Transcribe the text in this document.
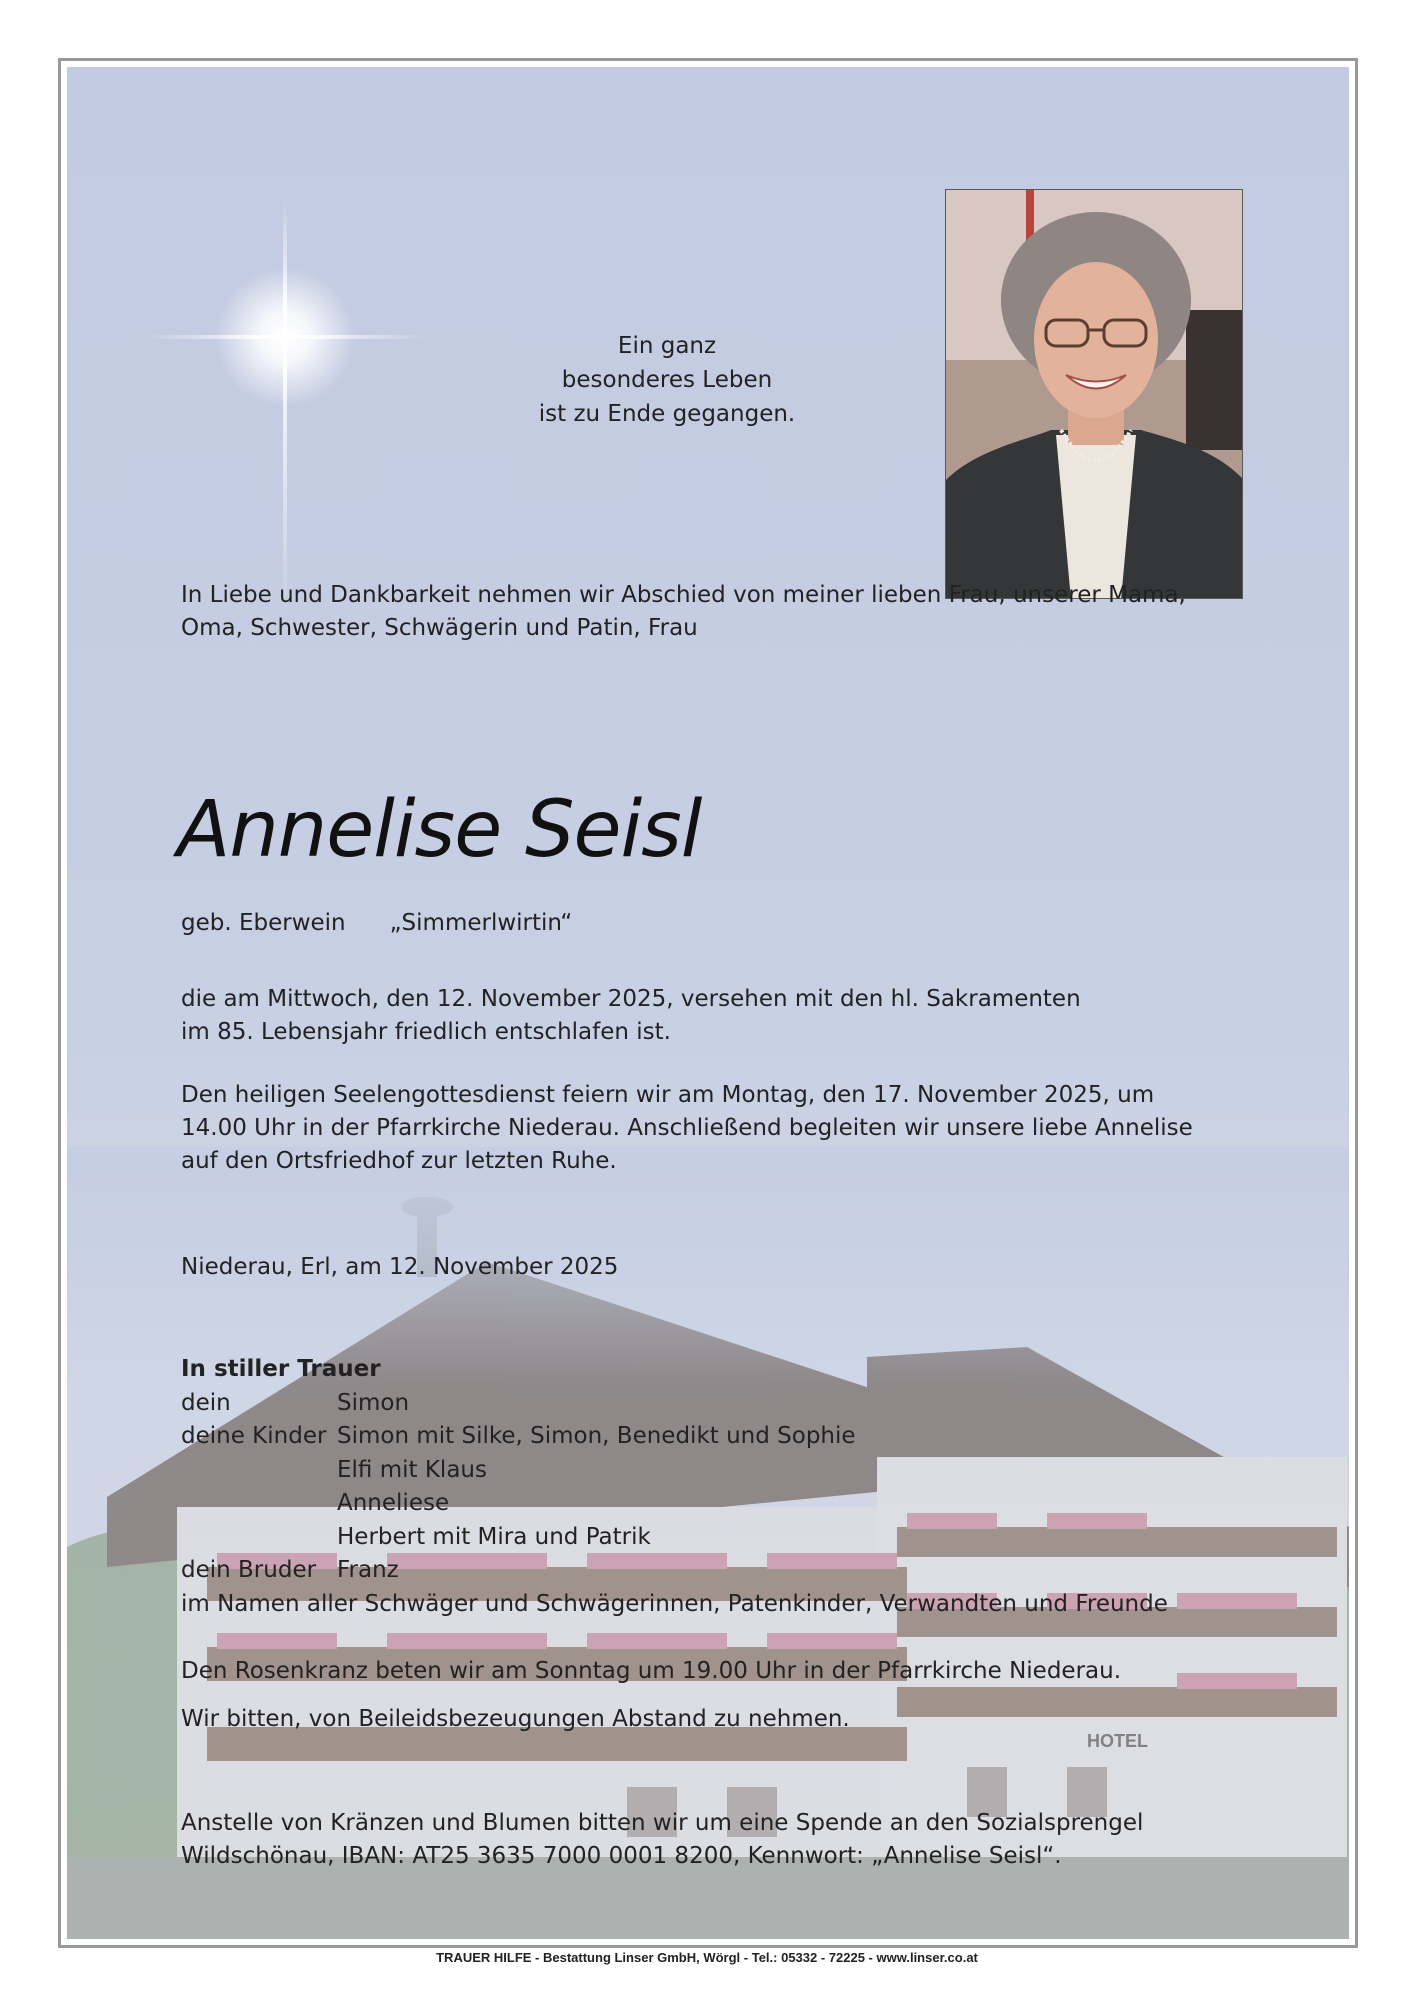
HOTEL
Ein ganz
besonderes Leben
ist zu Ende gegangen.
In Liebe und Dankbarkeit nehmen wir Abschied von meiner lieben Frau, unserer Mama,
Oma, Schwester, Schwägerin und Patin, Frau
Annelise Seisl
geb. Eberwein „Simmerlwirtin“
die am Mittwoch, den 12. November 2025, versehen mit den hl. Sakramenten
im 85. Lebensjahr friedlich entschlafen ist.
Den heiligen Seelengottesdienst feiern wir am Montag, den 17. November 2025, um
14.00 Uhr in der Pfarrkirche Niederau. Anschließend begleiten wir unsere liebe Annelise
auf den Ortsfriedhof zur letzten Ruhe.
Niederau, Erl, am 12. November 2025
In stiller Trauer
dein	Simon
deine Kinder Simon mit Silke, Simon, Benedikt und Sophie
Elfi mit Klaus
Anneliese
Herbert mit Mira und Patrik
dein Bruder Franz
im Namen aller Schwäger und Schwägerinnen, Patenkinder, Verwandten und Freunde
Den Rosenkranz beten wir am Sonntag um 19.00 Uhr in der Pfarrkirche Niederau.
Wir bitten, von Beileidsbezeugungen Abstand zu nehmen.
Anstelle von Kränzen und Blumen bitten wir um eine Spende an den Sozialsprengel
Wildschönau, IBAN: AT25 3635 7000 0001 8200, Kennwort: „Annelise Seisl“.
TRAUER HILFE - Bestattung Linser GmbH, Wörgl - Tel.: 05332 - 72225 - www.linser.co.at
